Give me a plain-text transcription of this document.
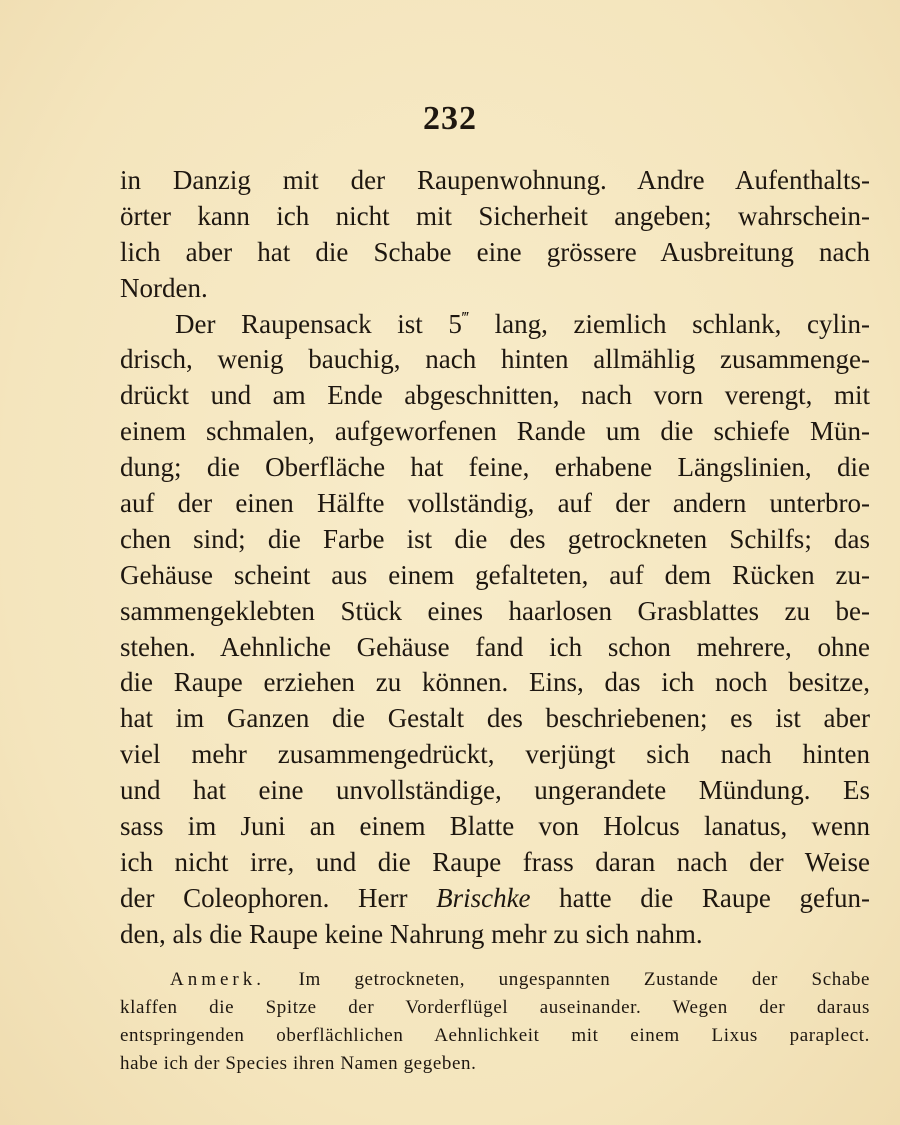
232
in Danzig mit der Raupenwohnung. Andre Aufenthalts-
örter kann ich nicht mit Sicherheit angeben; wahrschein-
lich aber hat die Schabe eine grössere Ausbreitung nach
Norden.
Der Raupensack ist 5‴ lang, ziemlich schlank, cylin-
drisch, wenig bauchig, nach hinten allmählig zusammenge-
drückt und am Ende abgeschnitten, nach vorn verengt, mit
einem schmalen, aufgeworfenen Rande um die schiefe Mün-
dung; die Oberfläche hat feine, erhabene Längslinien, die
auf der einen Hälfte vollständig, auf der andern unterbro-
chen sind; die Farbe ist die des getrockneten Schilfs; das
Gehäuse scheint aus einem gefalteten, auf dem Rücken zu-
sammengeklebten Stück eines haarlosen Grasblattes zu be-
stehen. Aehnliche Gehäuse fand ich schon mehrere, ohne
die Raupe erziehen zu können. Eins, das ich noch besitze,
hat im Ganzen die Gestalt des beschriebenen; es ist aber
viel mehr zusammengedrückt, verjüngt sich nach hinten
und hat eine unvollständige, ungerandete Mündung. Es
sass im Juni an einem Blatte von Holcus lanatus, wenn
ich nicht irre, und die Raupe frass daran nach der Weise
der Coleophoren. Herr Brischke hatte die Raupe gefun-
den, als die Raupe keine Nahrung mehr zu sich nahm.
Anmerk. Im getrockneten, ungespannten Zustande der Schabe
klaffen die Spitze der Vorderflügel auseinander. Wegen der daraus
entspringenden oberflächlichen Aehnlichkeit mit einem Lixus paraplect.
habe ich der Species ihren Namen gegeben.
